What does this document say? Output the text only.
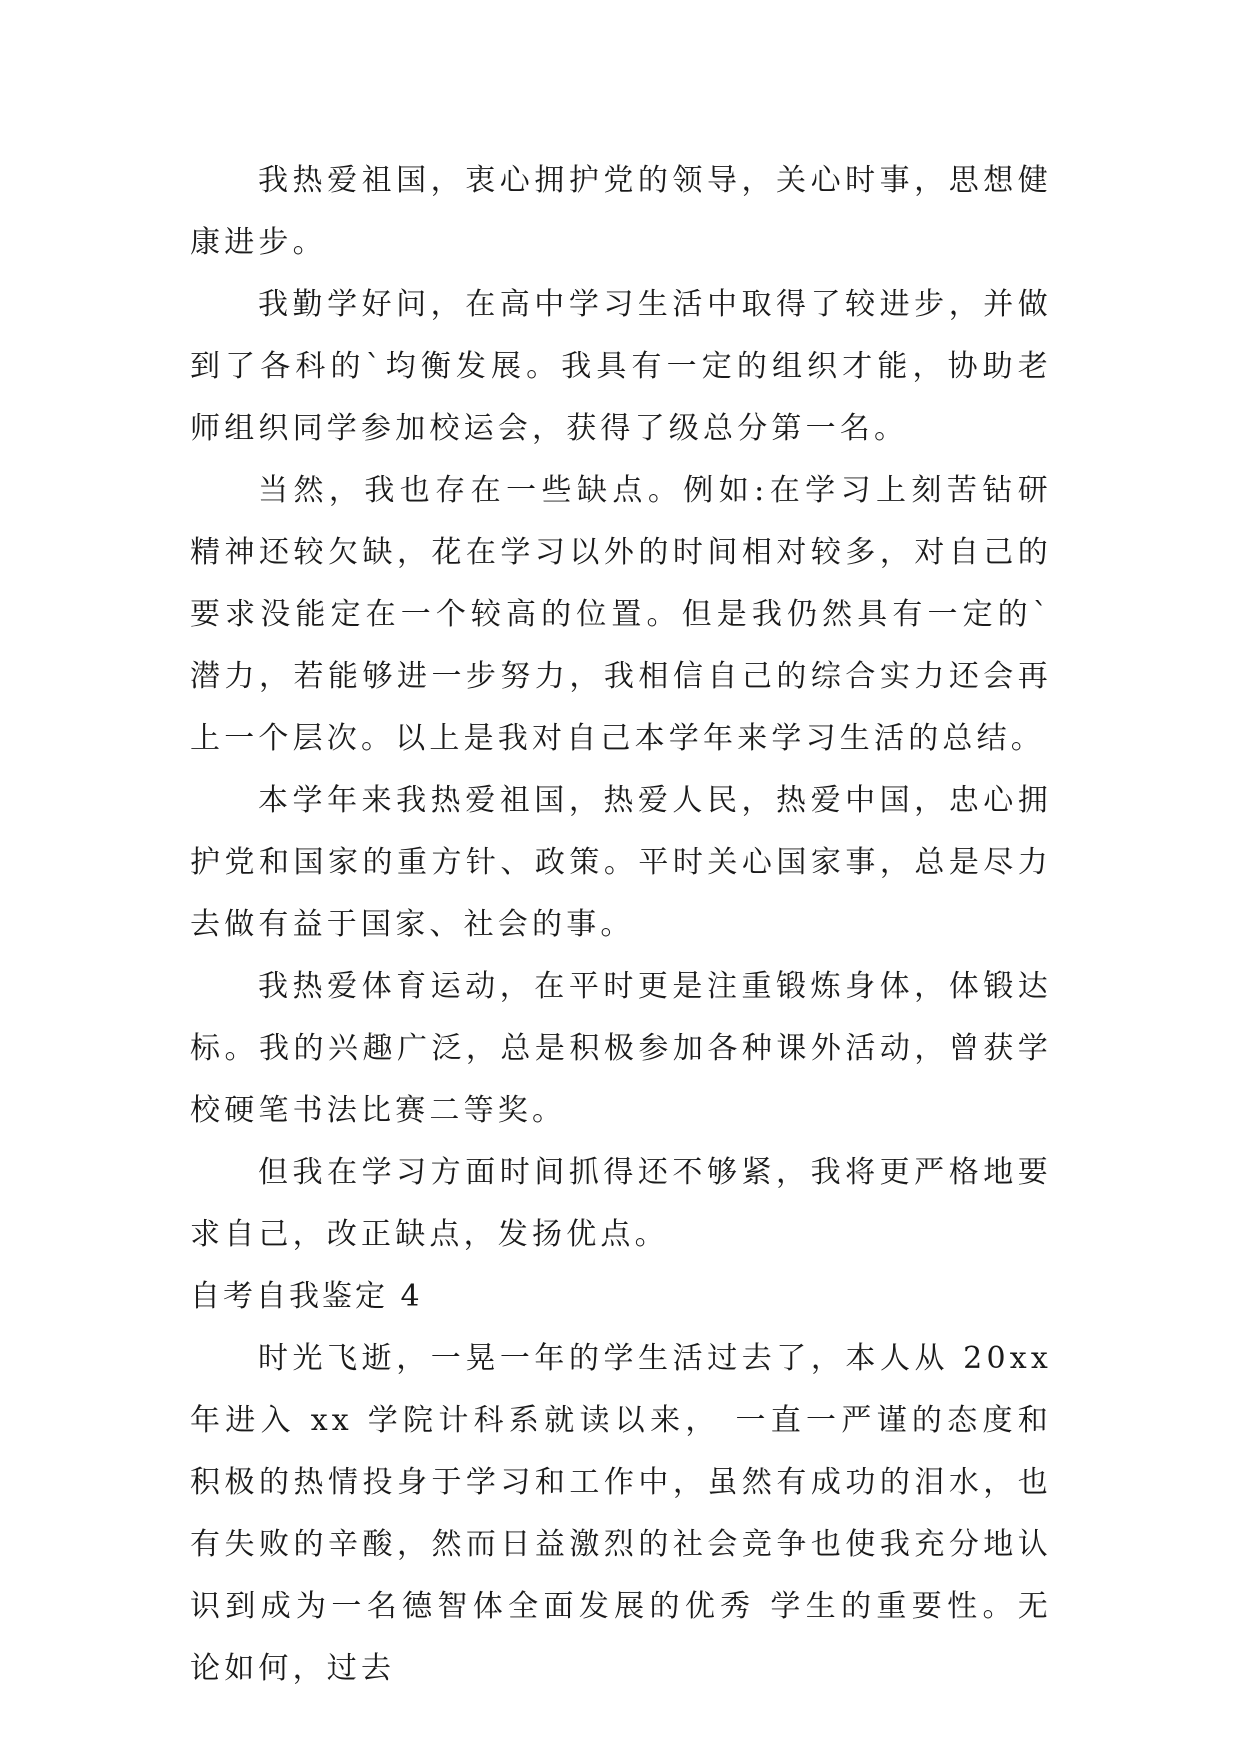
我热爱祖国，衷心拥护党的领导，关心时事，思想健康进步。

我勤学好问，在高中学习生活中取得了较进步，并做到了各科的`均衡发展。我具有一定的组织才能，协助老师组织同学参加校运会，获得了级总分第一名。

当然，我也存在一些缺点。例如:在学习上刻苦钻研精神还较欠缺，花在学习以外的时间相对较多，对自己的要求没能定在一个较高的位置。但是我仍然具有一定的`潜力，若能够进一步努力，我相信自己的综合实力还会再上一个层次。以上是我对自己本学年来学习生活的总结。

本学年来我热爱祖国，热爱人民，热爱中国，忠心拥护党和国家的重方针、政策。平时关心国家事，总是尽力去做有益于国家、社会的事。

我热爱体育运动，在平时更是注重锻炼身体，体锻达标。我的兴趣广泛，总是积极参加各种课外活动，曾获学校硬笔书法比赛二等奖。

但我在学习方面时间抓得还不够紧，我将更严格地要求自己，改正缺点，发扬优点。

自考自我鉴定 4

时光飞逝，一晃一年的学生活过去了，本人从 20xx 年进入 xx 学院计科系就读以来， 一直一严谨的态度和积极的热情投身于学习和工作中，虽然有成功的泪水，也有失败的辛酸，然而日益激烈的社会竞争也使我充分地认识到成为一名德智体全面发展的优秀 学生的重要性。无论如何，过去
